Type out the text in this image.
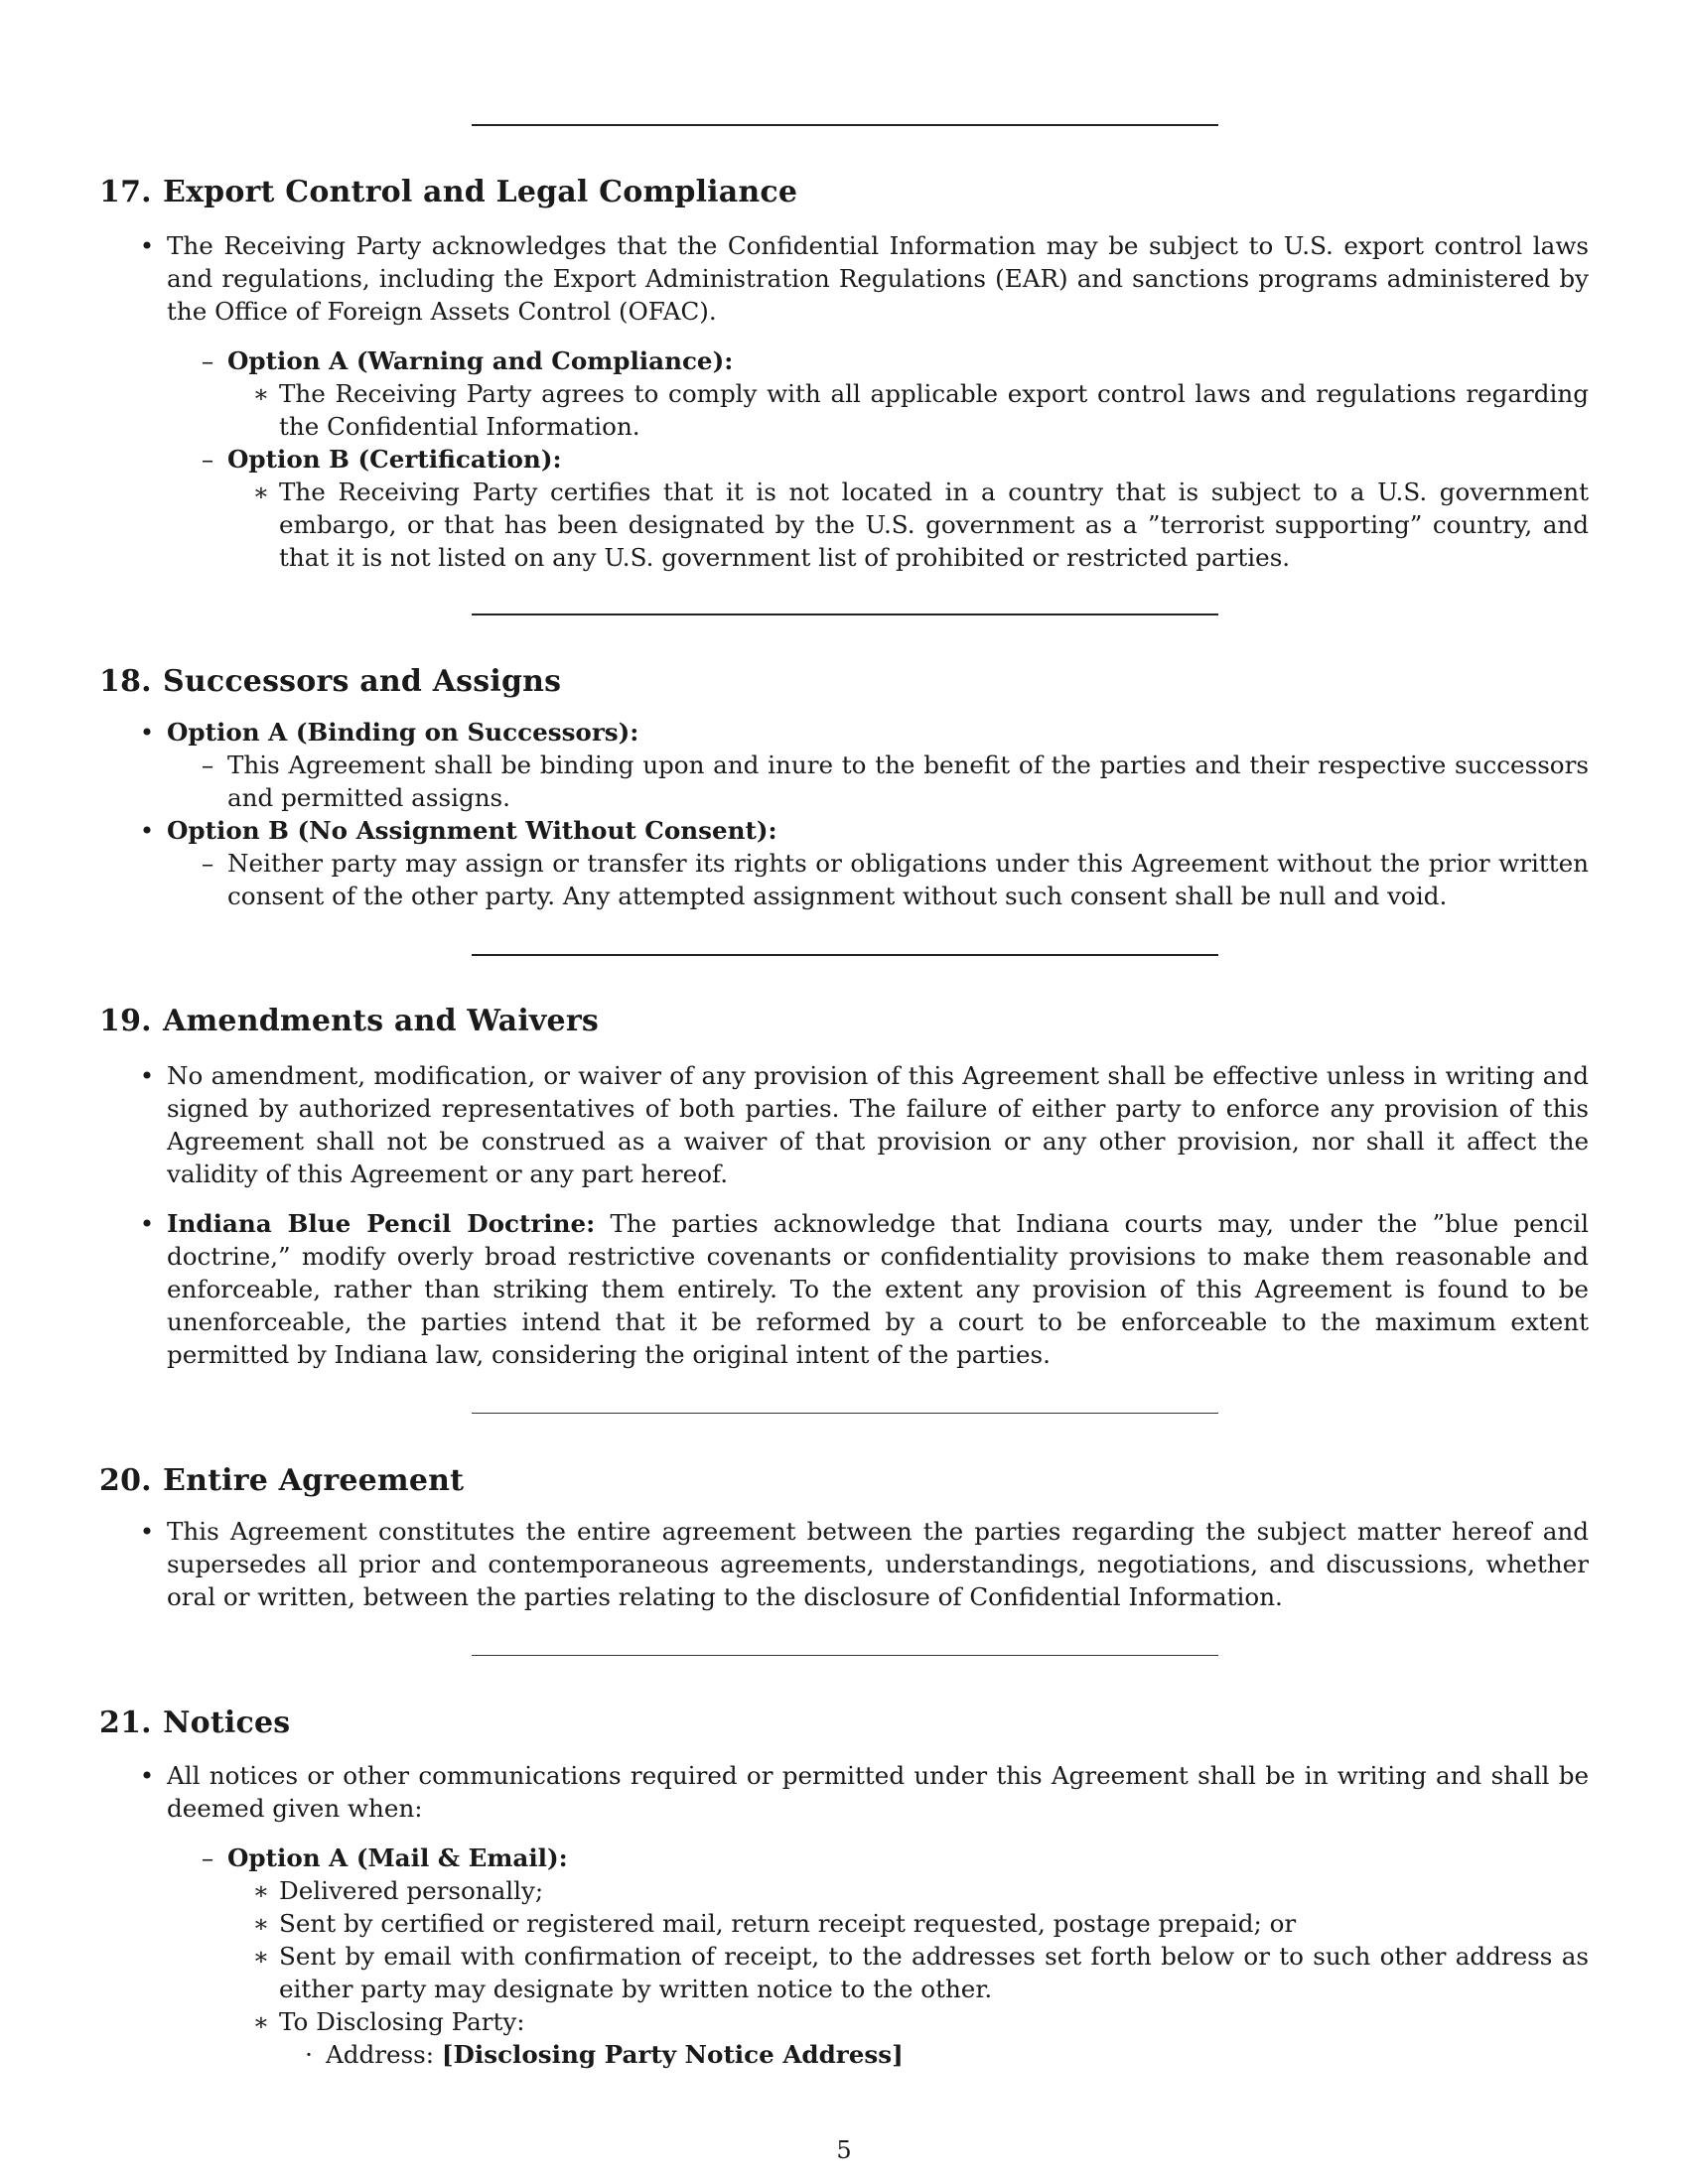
17. Export Control and Legal Compliance
• The Receiving Party acknowledges that the Confidential Information may be subject to U.S. export control laws and regulations, including the Export Administration Regulations (EAR) and sanctions programs administered by the Office of Foreign Assets Control (OFAC).
– Option A (Warning and Compliance):
∗ The Receiving Party agrees to comply with all applicable export control laws and regulations regarding the Confidential Information.
– Option B (Certification):
∗ The Receiving Party certifies that it is not located in a country that is subject to a U.S. government embargo, or that has been designated by the U.S. government as a ”terrorist supporting” country, and that it is not listed on any U.S. government list of prohibited or restricted parties.
18. Successors and Assigns
• Option A (Binding on Successors):
– This Agreement shall be binding upon and inure to the benefit of the parties and their respective successors and permitted assigns.
• Option B (No Assignment Without Consent):
– Neither party may assign or transfer its rights or obligations under this Agreement without the prior written consent of the other party. Any attempted assignment without such consent shall be null and void.
19. Amendments and Waivers
• No amendment, modification, or waiver of any provision of this Agreement shall be effective unless in writing and signed by authorized representatives of both parties. The failure of either party to enforce any provision of this Agreement shall not be construed as a waiver of that provision or any other provision, nor shall it affect the validity of this Agreement or any part hereof.
• Indiana Blue Pencil Doctrine: The parties acknowledge that Indiana courts may, under the ”blue pencil doctrine,” modify overly broad restrictive covenants or confidentiality provisions to make them reasonable and enforceable, rather than striking them entirely. To the extent any provision of this Agreement is found to be unenforceable, the parties intend that it be reformed by a court to be enforceable to the maximum extent permitted by Indiana law, considering the original intent of the parties.
20. Entire Agreement
• This Agreement constitutes the entire agreement between the parties regarding the subject matter hereof and supersedes all prior and contemporaneous agreements, understandings, negotiations, and discussions, whether oral or written, between the parties relating to the disclosure of Confidential Information.
21. Notices
• All notices or other communications required or permitted under this Agreement shall be in writing and shall be deemed given when:
– Option A (Mail & Email):
∗ Delivered personally;
∗ Sent by certified or registered mail, return receipt requested, postage prepaid; or
∗ Sent by email with confirmation of receipt, to the addresses set forth below or to such other address as either party may designate by written notice to the other.
∗ To Disclosing Party:
· Address: [Disclosing Party Notice Address]
5
